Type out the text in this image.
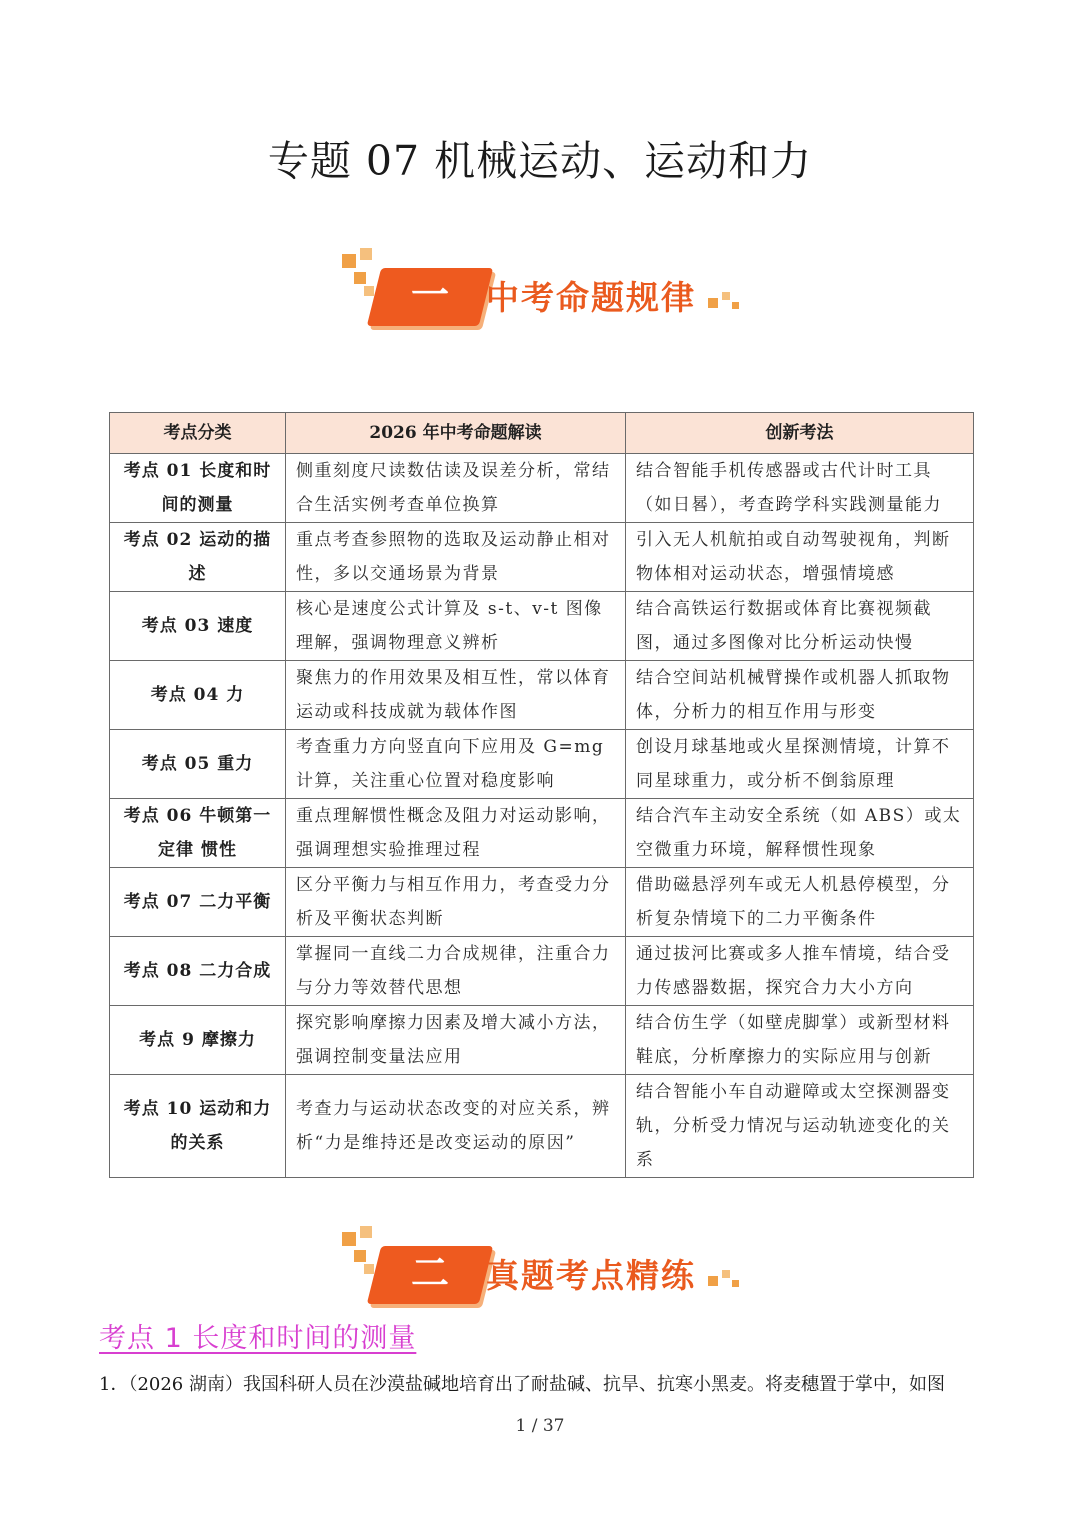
专题 07 机械运动、运动和力
一	中考命题规律
考点分类	2026 年中考命题解读	创新考法
考点 01 长度和时间的测量	侧重刻度尺读数估读及误差分析，常结合生活实例考查单位换算	结合智能手机传感器或古代计时工具（如日晷），考查跨学科实践测量能力
考点 02 运动的描述	重点考查参照物的选取及运动静止相对性，多以交通场景为背景	引入无人机航拍或自动驾驶视角，判断物体相对运动状态，增强情境感
考点 03 速度	核心是速度公式计算及 s-t、v-t 图像理解，强调物理意义辨析	结合高铁运行数据或体育比赛视频截图，通过多图像对比分析运动快慢
考点 04 力	聚焦力的作用效果及相互性，常以体育运动或科技成就为载体作图	结合空间站机械臂操作或机器人抓取物体，分析力的相互作用与形变
考点 05 重力	考查重力方向竖直向下应用及 G=mg 计算，关注重心位置对稳度影响	创设月球基地或火星探测情境，计算不同星球重力，或分析不倒翁原理
考点 06 牛顿第一定律 惯性	重点理解惯性概念及阻力对运动影响，强调理想实验推理过程	结合汽车主动安全系统（如 ABS）或太空微重力环境，解释惯性现象
考点 07 二力平衡	区分平衡力与相互作用力，考查受力分析及平衡状态判断	借助磁悬浮列车或无人机悬停模型，分析复杂情境下的二力平衡条件
考点 08 二力合成	掌握同一直线二力合成规律，注重合力与分力等效替代思想	通过拔河比赛或多人推车情境，结合受力传感器数据，探究合力大小方向
考点 9 摩擦力	探究影响摩擦力因素及增大减小方法，强调控制变量法应用	结合仿生学（如壁虎脚掌）或新型材料鞋底，分析摩擦力的实际应用与创新
考点 10 运动和力的关系	考查力与运动状态改变的对应关系，辨析“力是维持还是改变运动的原因”	结合智能小车自动避障或太空探测器变轨，分析受力情况与运动轨迹变化的关系
二	真题考点精练
考点 1 长度和时间的测量
1．（2026 湖南）我国科研人员在沙漠盐碱地培育出了耐盐碱、抗旱、抗寒小黑麦。将麦穗置于掌中，如图
1 / 37
